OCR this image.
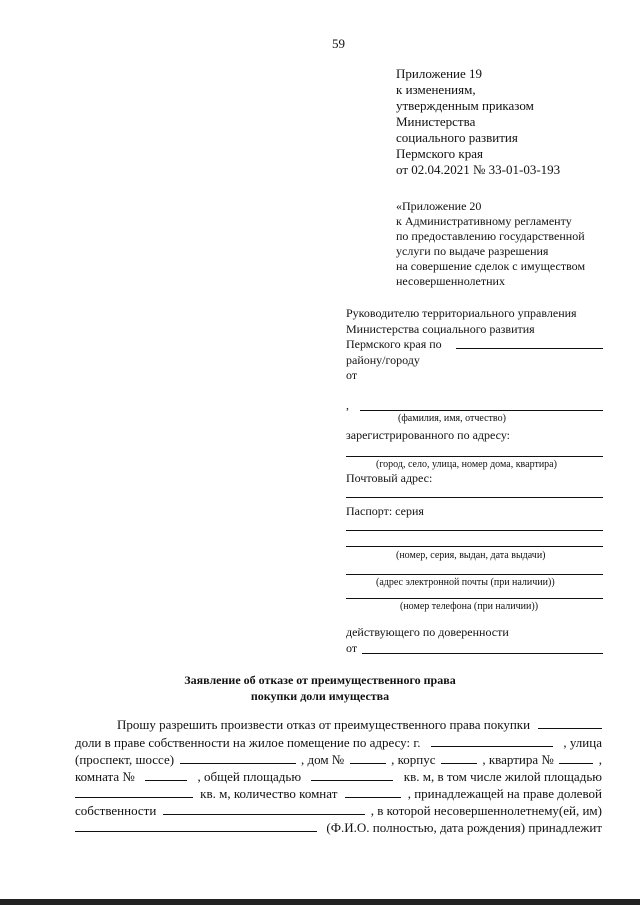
59
Приложение 19
к изменениям,
утвержденным приказом
Министерства
социального развития
Пермского края
от 02.04.2021 № 33-01-03-193
«Приложение 20
к Административному регламенту
по предоставлению государственной
услуги по выдаче разрешения
на совершение сделок с имуществом
несовершеннолетних
Руководителю территориального управления
Министерства социального развития
Пермского края по
району/городу
от
,
(фамилия, имя, отчество)
зарегистрированного по адресу:
(город, село, улица, номер дома, квартира)
Почтовый адрес:
Паспорт: серия
(номер, серия, выдан, дата выдачи)
(адрес электронной почты (при наличии))
(номер телефона (при наличии))
действующего по доверенности
от
Заявление об отказе от преимущественного права
покупки доли имущества
Прошу разрешить произвести отказ от преимущественного права покупки
доли в праве собственности на жилое помещение по адресу: г.	, улица
(проспект, шоссе)	, дом №	, корпус	, квартира №	,
комната №	, общей площадью	кв. м, в том числе жилой площадью
кв. м, количество комнат	, принадлежащей на праве долевой
собственности	, в которой несовершеннолетнему(ей, им)
(Ф.И.О. полностью, дата рождения) принадлежит
